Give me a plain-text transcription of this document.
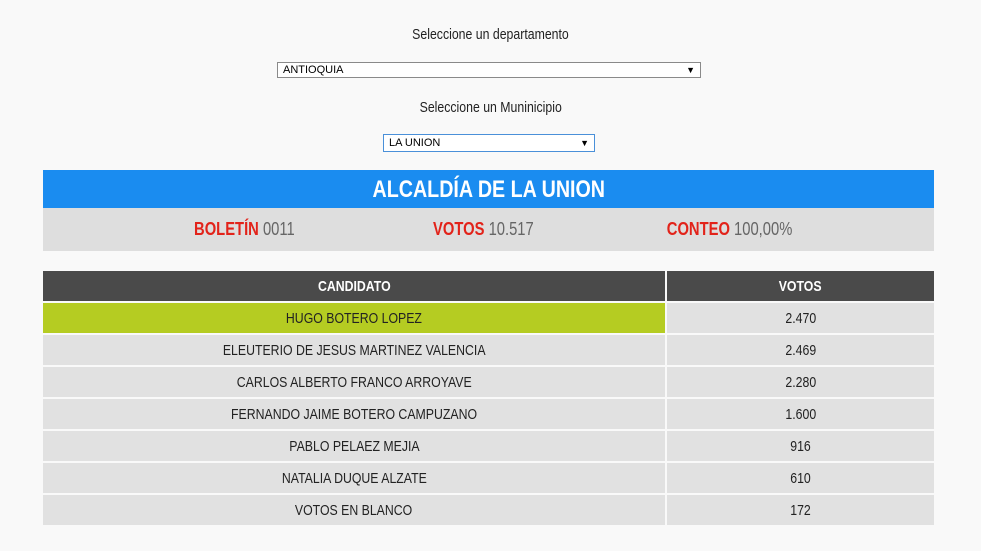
Seleccione un departamento
ANTIOQUIA	▼
Seleccione un Muninicipio
LA UNION	▼
ALCALDÍA DE LA UNION
BOLETÍN 0011	VOTOS 10.517	CONTEO 100,00%
CANDIDATO	VOTOS
HUGO BOTERO LOPEZ	2.470
ELEUTERIO DE JESUS MARTINEZ VALENCIA	2.469
CARLOS ALBERTO FRANCO ARROYAVE	2.280
FERNANDO JAIME BOTERO CAMPUZANO	1.600
PABLO PELAEZ MEJIA	916
NATALIA DUQUE ALZATE	610
VOTOS EN BLANCO	172
